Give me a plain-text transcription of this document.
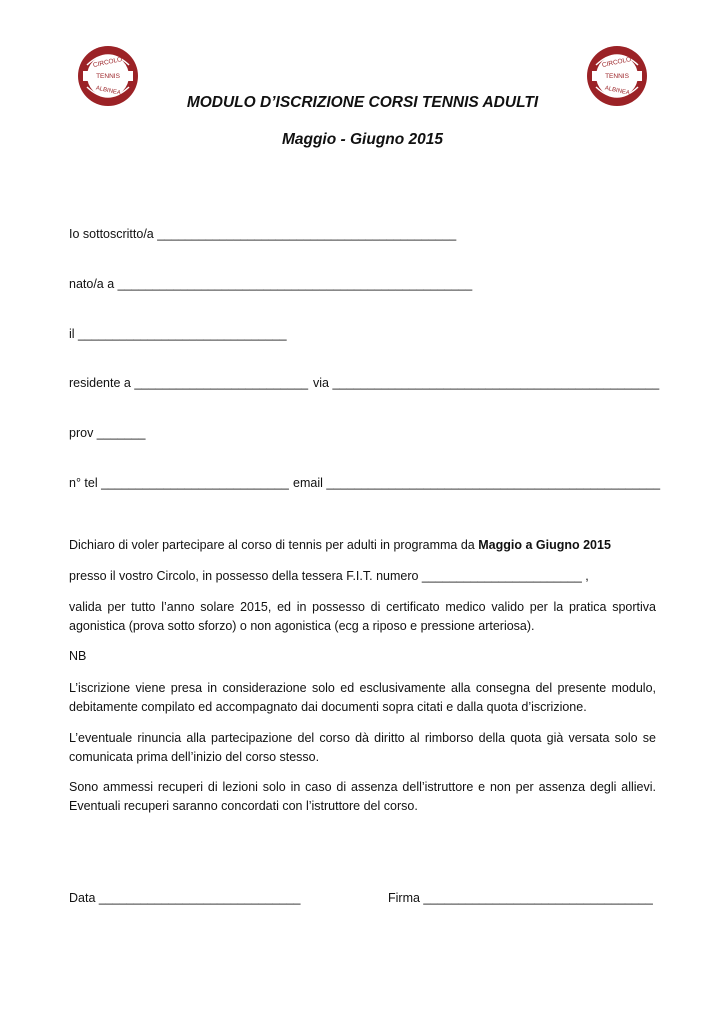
CIRCOLO
TENNIS
ALBINEA
CIRCOLO
TENNIS
ALBINEA
MODULO D’ISCRIZIONE CORSI TENNIS ADULTI
Maggio - Giugno 2015
Io sottoscritto/a ___________________________________________
nato/a a ___________________________________________________
il ______________________________
residente a _________________________ via _______________________________________________
prov _______
n° tel ___________________________ email ________________________________________________
Dichiaro di voler partecipare al corso di tennis per adulti in programma da Maggio a Giugno 2015
presso il vostro Circolo, in possesso della tessera F.I.T. numero _______________________ ,
valida per tutto l’anno solare 2015, ed in possesso di certificato medico valido per la pratica sportiva agonistica (prova sotto sforzo) o non agonistica (ecg a riposo e pressione arteriosa).
NB
L’iscrizione viene presa in considerazione solo ed esclusivamente alla consegna del presente modulo, debitamente compilato ed accompagnato dai documenti sopra citati e dalla quota d’iscrizione.
L’eventuale rinuncia alla partecipazione del corso dà diritto al rimborso della quota già versata solo se comunicata prima dell’inizio del corso stesso.
Sono ammessi recuperi di lezioni solo in caso di assenza dell’istruttore e non per assenza degli allievi. Eventuali recuperi saranno concordati con l’istruttore del corso.
Data _____________________________	Firma _________________________________
